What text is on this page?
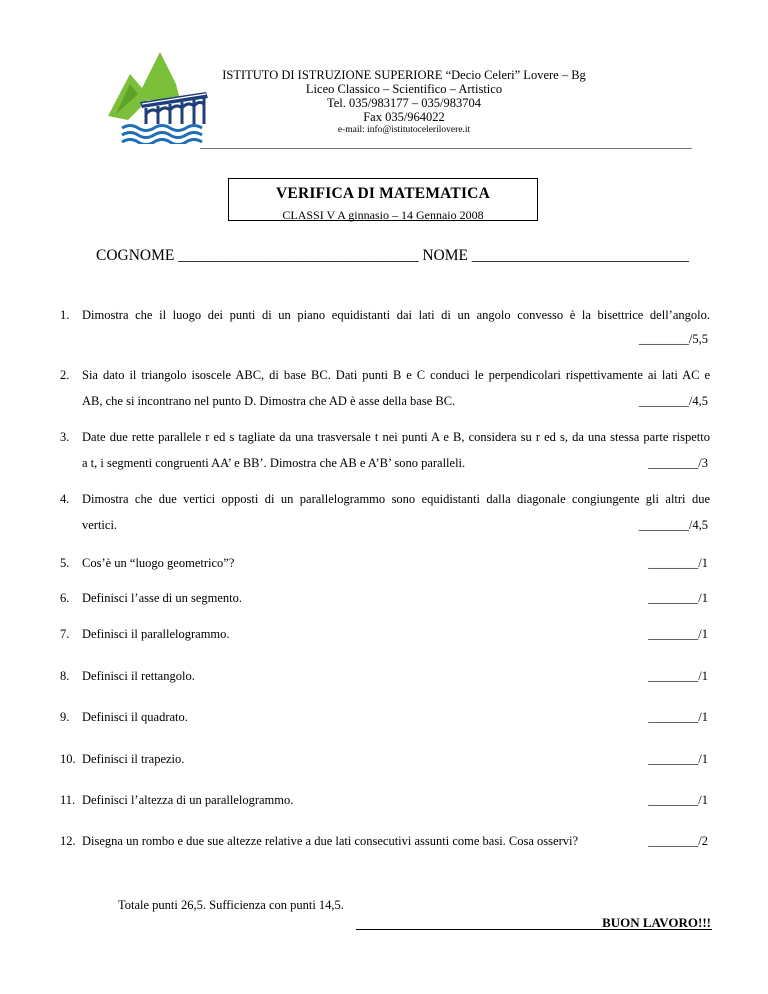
ISTITUTO DI ISTRUZIONE SUPERIORE “Decio Celeri” Lovere – Bg
Liceo Classico – Scientifico – Artistico
Tel. 035/983177 – 035/983704
Fax 035/964022
e-mail: info@istitutocelerilovere.it
VERIFICA DI MATEMATICA
CLASSI V A ginnasio – 14 Gennaio 2008
COGNOME _______________________________ NOME ____________________________
1. Dimostra che il luogo dei punti di un piano equidistanti dai lati di un angolo convesso è la bisettrice dell’angolo.
________/5,5
2. Sia dato il triangolo isoscele ABC, di base BC. Dati punti B e C conduci le perpendicolari rispettivamente ai lati AC e
AB, che si incontrano nel punto D. Dimostra che AD è asse della base BC.	________/4,5
3. Date due rette parallele r ed s tagliate da una trasversale t nei punti A e B, considera su r ed s, da una stessa parte rispetto
a t, i segmenti congruenti AA’ e BB’. Dimostra che AB e A’B’ sono paralleli.	________/3
4. Dimostra che due vertici opposti di un parallelogrammo sono equidistanti dalla diagonale congiungente gli altri due
vertici.	________/4,5
5. Cos’è un “luogo geometrico”?	________/1
6. Definisci l’asse di un segmento.	________/1
7. Definisci il parallelogrammo.	________/1
8. Definisci il rettangolo.	________/1
9. Definisci il quadrato.	________/1
10. Definisci il trapezio.	________/1
11. Definisci l’altezza di un parallelogrammo.	________/1
12. Disegna un rombo e due sue altezze relative a due lati consecutivi assunti come basi. Cosa osservi?	________/2
Totale punti 26,5. Sufficienza con punti 14,5.
BUON LAVORO!!!
